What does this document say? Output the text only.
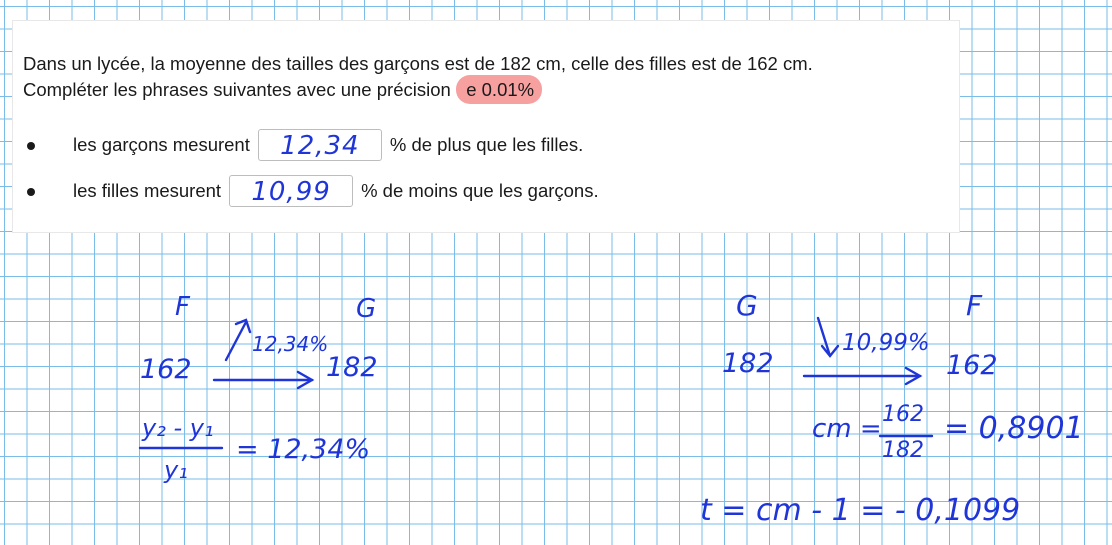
Dans un lycée, la moyenne des tailles des garçons est de 182 cm, celle des filles est de 162 cm.
Compléter les phrases suivantes avec une précision de 0.01%:

les garçons mesurent	12,34	% de plus que les filles.
les filles mesurent	10,99	% de moins que les garçons.
F	G
162
12,34%
182
y₂ - y₁
y₁
= 12,34%
G	F
182
10,99%
162
cm = 162
182
= 0,8901
t = cm - 1 = - 0,1099
